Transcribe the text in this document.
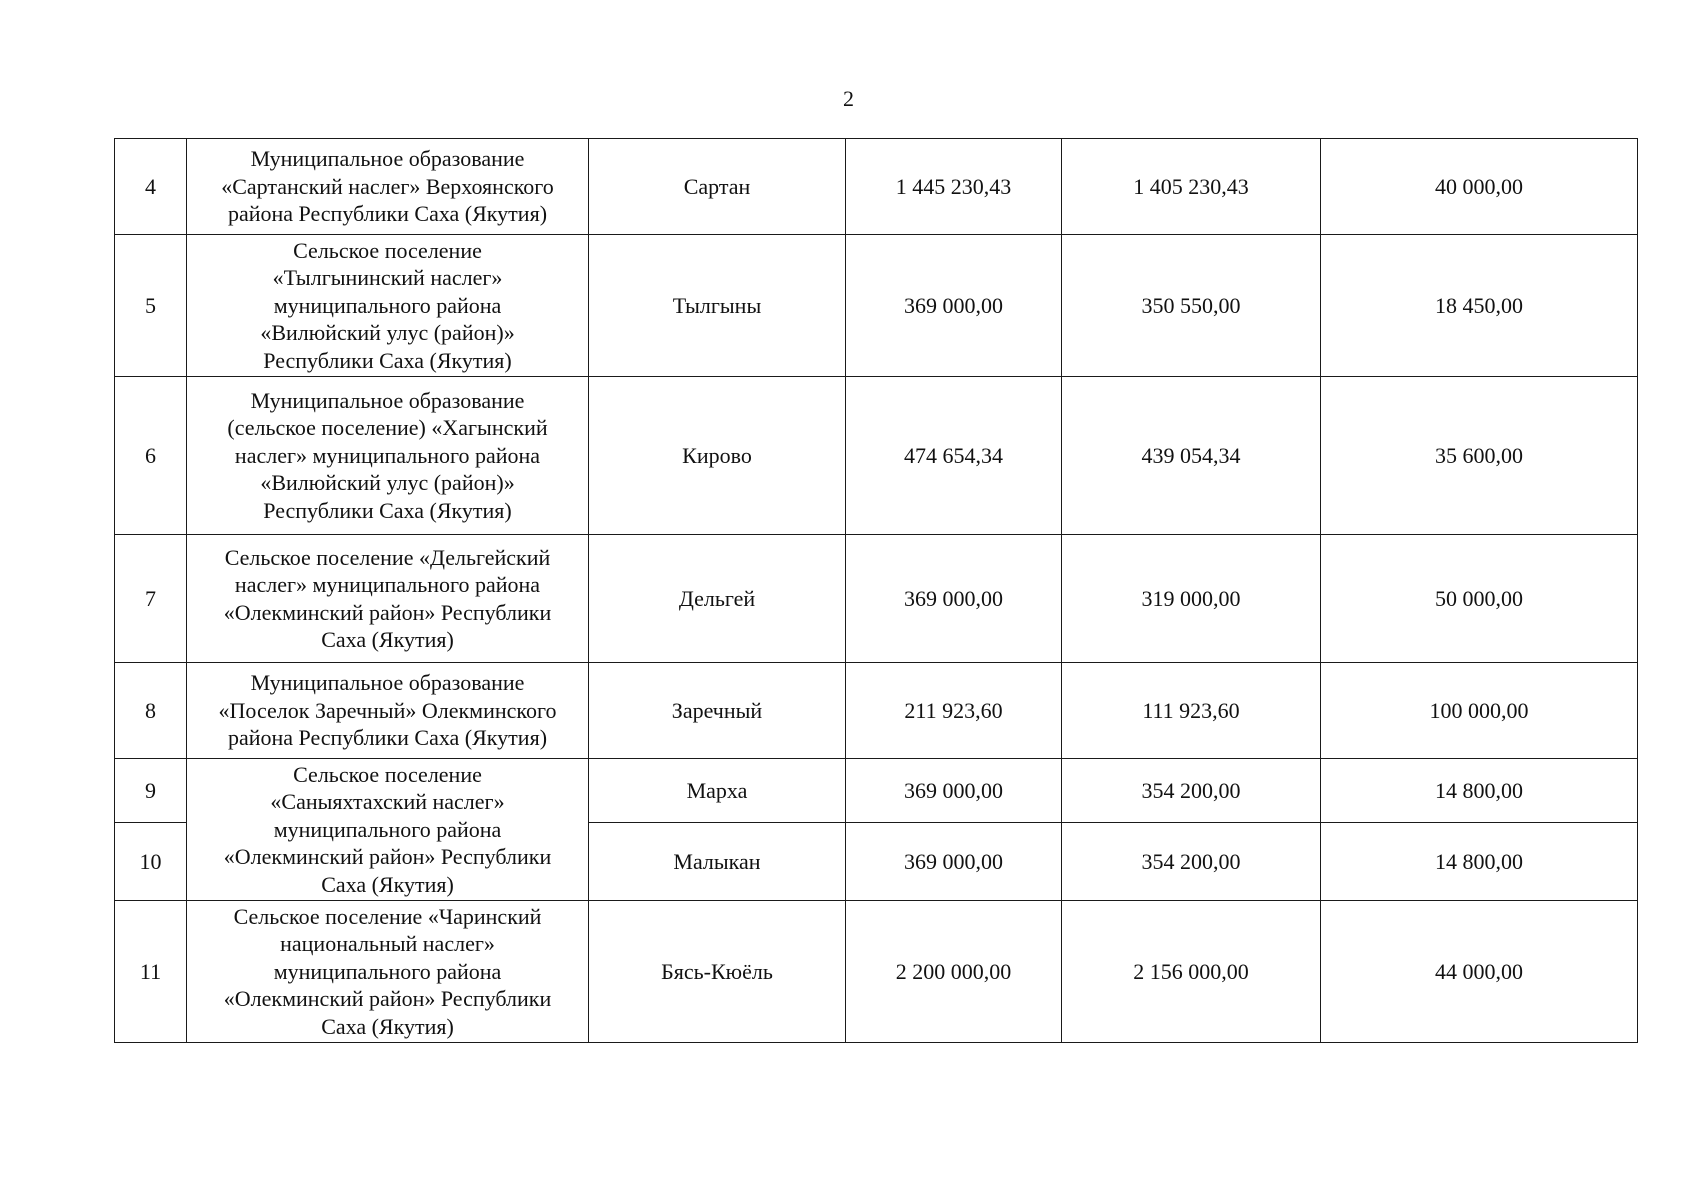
2
4	Муниципальное образование
«Сартанский наслег» Верхоянского
района Республики Саха (Якутия)	Сартан	1 445 230,43	1 405 230,43	40 000,00
5	Сельское поселение
«Тылгынинский наслег»
муниципального района
«Вилюйский улус (район)»
Республики Саха (Якутия)	Тылгыны	369 000,00	350 550,00	18 450,00
6	Муниципальное образование
(сельское поселение) «Хагынский
наслег» муниципального района
«Вилюйский улус (район)»
Республики Саха (Якутия)	Кирово	474 654,34	439 054,34	35 600,00
7	Сельское поселение «Дельгейский
наслег» муниципального района
«Олекминский район» Республики
Саха (Якутия)	Дельгей	369 000,00	319 000,00	50 000,00
8	Муниципальное образование
«Поселок Заречный» Олекминского
района Республики Саха (Якутия)	Заречный	211 923,60	111 923,60	100 000,00
9	Сельское поселение
«Саныяхтахский наслег»
муниципального района
«Олекминский район» Республики
Саха (Якутия)	Марха	369 000,00	354 200,00	14 800,00
10		Малыкан	369 000,00	354 200,00	14 800,00
11	Сельское поселение «Чаринский
национальный наслег»
муниципального района
«Олекминский район» Республики
Саха (Якутия)	Бясь-Кюёль	2 200 000,00	2 156 000,00	44 000,00
